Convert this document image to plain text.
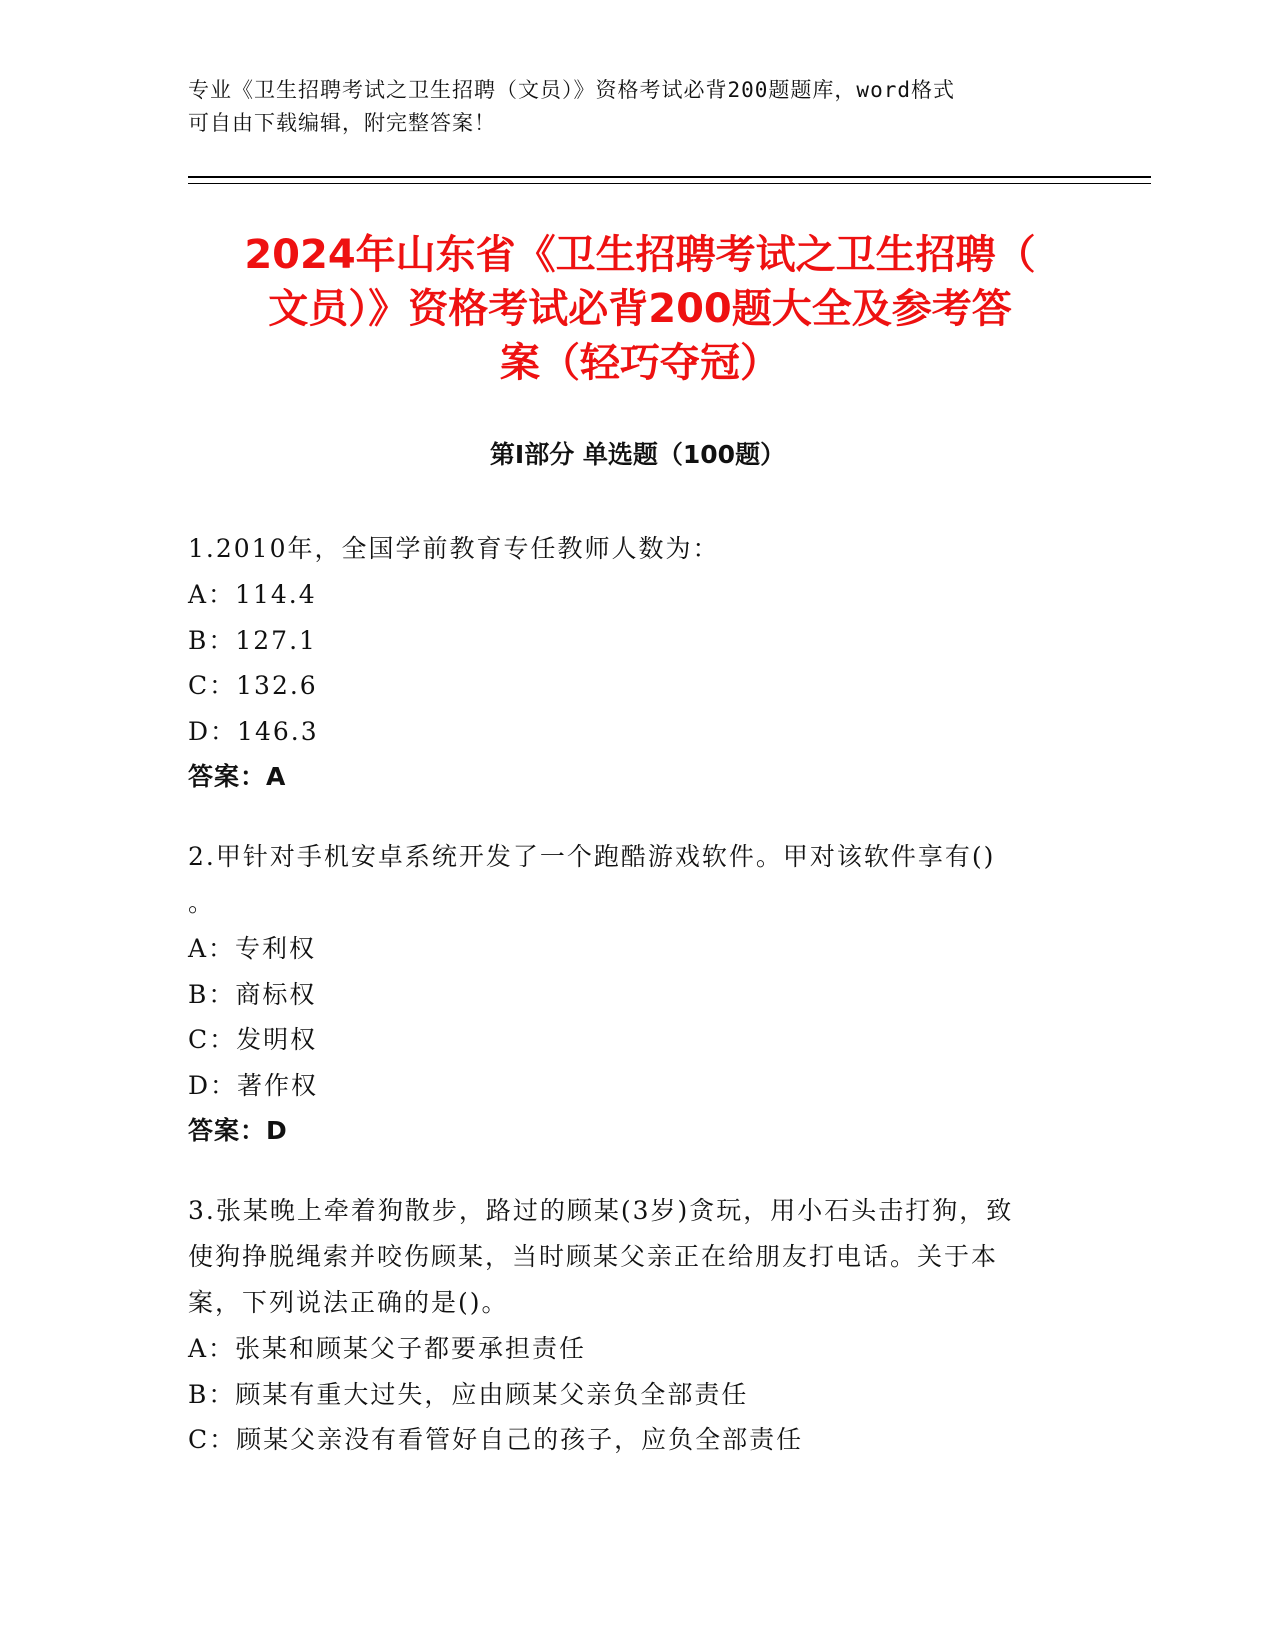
专业《卫生招聘考试之卫生招聘（文员）》资格考试必背200题题库，word格式
可自由下载编辑，附完整答案！
2024年山东省《卫生招聘考试之卫生招聘（
文员）》资格考试必背200题大全及参考答
案（轻巧夺冠）
第I部分 单选题（100题）
1.2010年，全国学前教育专任教师人数为：
A：114.4
B：127.1
C：132.6
D：146.3
答案：A
2.甲针对手机安卓系统开发了一个跑酷游戏软件。甲对该软件享有()
。
A：专利权
B：商标权
C：发明权
D：著作权
答案：D
3.张某晚上牵着狗散步，路过的顾某(3岁)贪玩，用小石头击打狗，致
使狗挣脱绳索并咬伤顾某，当时顾某父亲正在给朋友打电话。关于本
案，下列说法正确的是()。
A：张某和顾某父子都要承担责任
B：顾某有重大过失，应由顾某父亲负全部责任
C：顾某父亲没有看管好自己的孩子，应负全部责任
